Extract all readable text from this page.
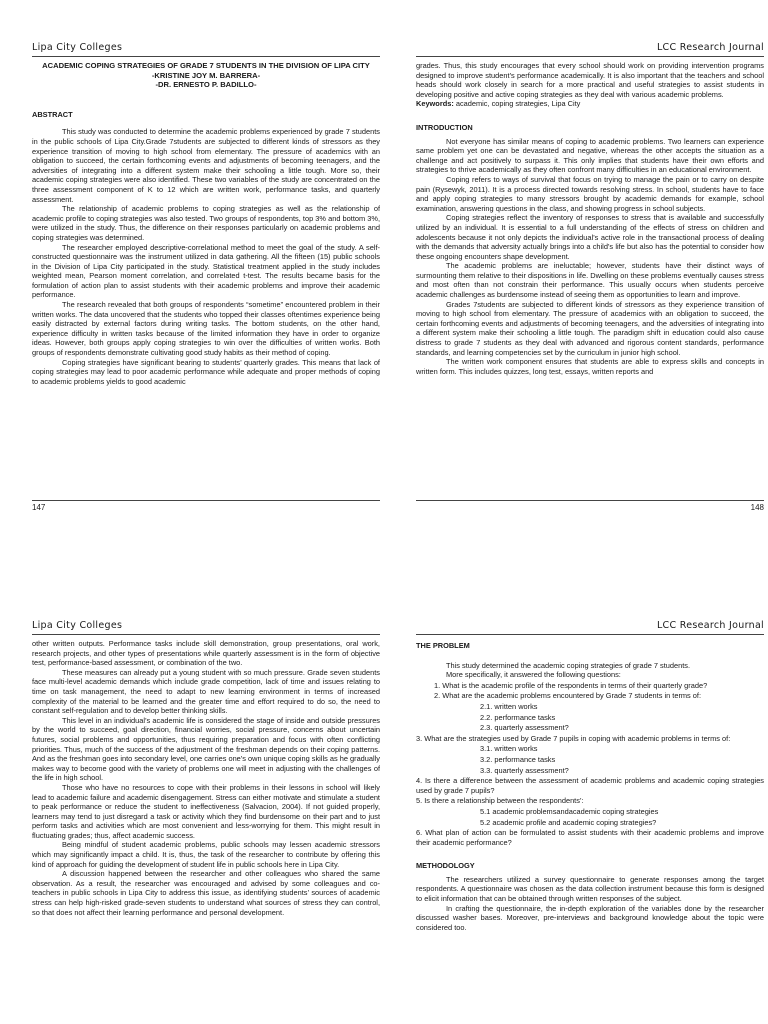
Lipa City Colleges
ACADEMIC COPING STRATEGIES OF GRADE 7 STUDENTS IN THE DIVISION OF LIPA CITY
-KRISTINE JOY M. BARRERA-
-DR. ERNESTO P. BADILLO-
ABSTRACT

This study was conducted to determine the academic problems experienced by grade 7 students in the public schools of Lipa City.Grade 7students are subjected to different kinds of stressors as they experience transition of moving to high school from elementary. The pressure of academics with an obligation to succeed, the certain forthcoming events and adjustments of becoming teenagers, and the adversities of integrating into a different system make their schooling a little tough. More so, their academic coping strategies were also identified. These two variables of the study are concentrated on the three assessment component of K to 12 which are written work, performance tasks, and quarterly assessment.

The relationship of academic problems to coping strategies as well as the relationship of academic profile to coping strategies was also tested. Two groups of respondents, top 3% and bottom 3%, were utilized in the study. Thus, the difference on their responses particularly on academic problems and coping strategies was determined.

The researcher employed descriptive-correlational method to meet the goal of the study. A self-constructed questionnaire was the instrument utilized in data gathering. All the fifteen (15) public schools in the Division of Lipa City participated in the study. Statistical treatment applied in the study includes weighted mean, Pearson moment correlation, and correlated t-test. The results became basis for the formulation of action plan to assist students with their academic problems and improve their academic performance.

The research revealed that both groups of respondents “sometime” encountered problem in their written works. The data uncovered that the students who topped their classes oftentimes experience being easily distracted by external factors during writing tasks. The bottom students, on the other hand, experience difficulty in written tasks because of the limited information they have in order to organize ideas. However, both groups apply coping strategies to win over the difficulties of written works. Both groups of respondents demonstrate cultivating good study habits as their method of coping.

Coping strategies have significant bearing to students’ quarterly grades. This means that lack of coping strategies may lead to poor academic performance while adequate and proper methods of coping to academic problems yields to good academic

147
LCC Research Journal

grades. Thus, this study encourages that every school should work on providing intervention programs designed to improve student’s performance academically. It is also important that the teachers and school heads should work closely in search for a more practical and useful strategies to assist students in developing positive and active coping strategies as they deal with various academic problems.

Keywords: academic, coping strategies, Lipa City

INTRODUCTION

Not everyone has similar means of coping to academic problems. Two learners can experience same problem yet one can be devastated and negative, whereas the other accepts the situation as a challenge and act positively to surpass it. This only implies that students have their own efforts and strategies to thrive academically as they often confront many difficulties in an educational environment.

Coping refers to ways of survival that focus on trying to manage the pain or to carry on despite pain (Rysewyk, 2011). It is a process directed towards resolving stress. In school, students have to face and apply coping strategies to many stressors brought by academic demands for example, school examination, answering questions in the class, and showing progress in school subjects.

Coping strategies reflect the inventory of responses to stress that is available and successfully utilized by an individual. It is essential to a full understanding of the effects of stress on children and adolescents because it not only depicts the individual’s active role in the transactional process of dealing with the demands that adversity actually brings into a child’s life but also has the potential to consider how these ongoing encounters shape development.

The academic problems are ineluctable; however, students have their distinct ways of surmounting them relative to their dispositions in life. Dwelling on these problems eventually causes stress and most often than not constrain their performance. This usually occurs when students perceive academic challenges as burdensome instead of seeing them as opportunities to learn and improve.

Grades 7students are subjected to different kinds of stressors as they experience transition of moving to high school from elementary. The pressure of academics with an obligation to succeed, the certain forthcoming events and adjustments of becoming teenagers, and the adversities of integrating into a different system make their schooling a little tough. The paradigm shift in education could also cause distress to grade 7 students as they deal with advanced and rigorous content standards, performance standards, and learning competencies set by the curriculum in junior high school.

The written work component ensures that students are able to express skills and concepts in written form. This includes quizzes, long test, essays, written reports and

148
Lipa City Colleges

other written outputs. Performance tasks include skill demonstration, group presentations, oral work, research projects, and other types of presentations while quarterly assessment is in the form of objective test, performance-based assessment, or combination of the two.

These measures can already put a young student with so much pressure. Grade seven students face multi-level academic demands which include grade competition, lack of time and issues relating to time on task management, the need to adapt to new learning environment in terms of increased complexity of the material to be learned and the greater time and effort required to do so, the need to constant self-regulation and to develop better thinking skills.

This level in an individual’s academic life is considered the stage of inside and outside pressures by the world to succeed, goal direction, financial worries, social pressure, concerns about uncertain futures, social problems and opportunities, thus requiring preparation and focus with often conflicting priorities. Thus, much of the success of the adjustment of the freshman depends on their coping patterns. And as the freshman goes into secondary level, one carries one’s own unique coping skills as he gradually makes way to become good with the variety of problems one will meet in adjusting with the challenges of the life in high school.

Those who have no resources to cope with their problems in their lessons in school will likely lead to academic failure and academic disengagement. Stress can either motivate and stimulate a student to peak performance or reduce the student to ineffectiveness (Salvacion, 2004). If not guided properly, learners may tend to just disregard a task or activity which they find burdensome on their part and to just perform tasks and activities which are most convenient and less-worrying for them. This might result in fluctuating grades; thus, affect academic success.

Being mindful of student academic problems, public schools may lessen academic stressors which may significantly impact a child. It is, thus, the task of the researcher to contribute by offering this kind of approach for guiding the development of student life in public schools here in Lipa City.

A discussion happened between the researcher and other colleagues who shared the same observation. As a result, the researcher was encouraged and advised by some colleagues and co-teachers in public schools in Lipa City to address this issue, as identifying students’ sources of academic stress can help high-risked grade-seven students to understand what sources of stress they can control, so that does not affect their learning performance and personal development.

LCC Research Journal
THE PROBLEM

This study determined the academic coping strategies of grade 7 students.

More specifically, it answered the following questions:

1. What is the academic profile of the respondents in terms of their quarterly grade?
2. What are the academic problems encountered by Grade 7 students in terms of:
2.1. written works
2.2. performance tasks
2.3. quarterly assessment?
3. What are the strategies used by Grade 7 pupils in coping with academic problems in terms of:
3.1. written works
3.2. performance tasks
3.3. quarterly assessment?
4. Is there a difference between the assessment of academic problems and academic coping strategies used by grade 7 pupils?
5. Is there a relationship between the respondents’:
5.1 academic problemsandacademic coping strategies
5.2 academic profile and academic coping strategies?
6. What plan of action can be formulated to assist students with their academic problems and improve their academic performance?
METHODOLOGY

The researchers utilized a survey questionnaire to generate responses among the target respondents. A questionnaire was chosen as the data collection instrument because this form is designed to elicit information that can be obtained through written responses of the subject.

In crafting the questionnaire, the in-depth exploration of the variables done by the researcher discussed washer bases. Moreover, pre-interviews and background knowledge about the topic were considered too.
